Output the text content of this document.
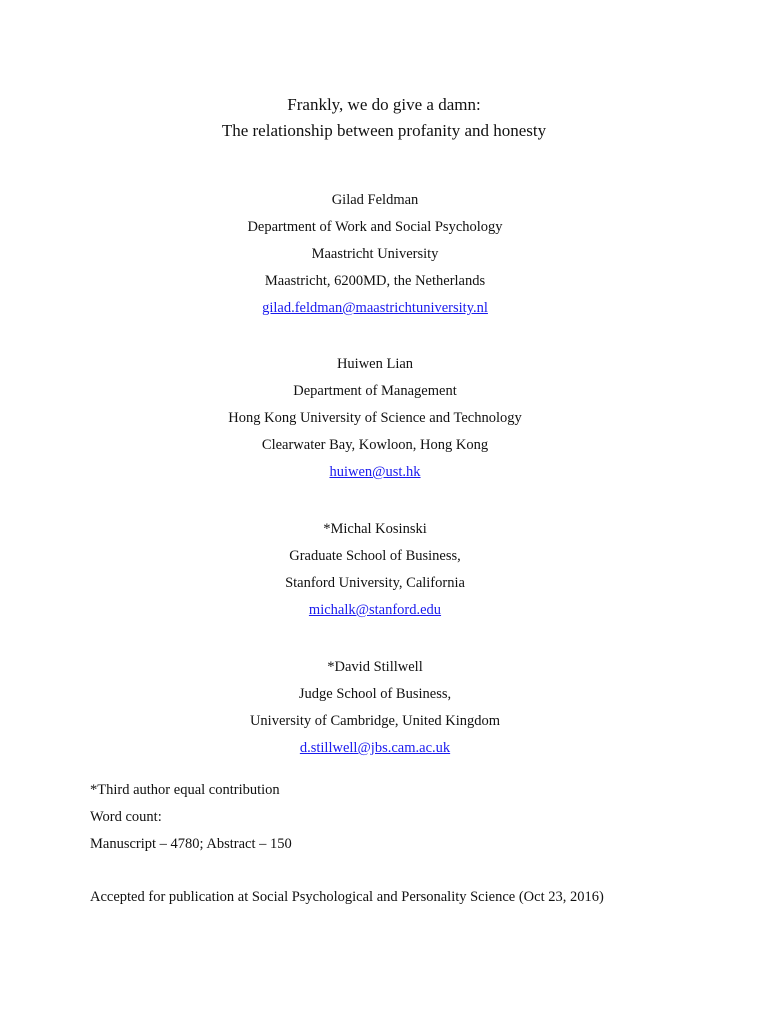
Frankly, we do give a damn:
The relationship between profanity and honesty
Gilad Feldman
Department of Work and Social Psychology
Maastricht University
Maastricht, 6200MD, the Netherlands
gilad.feldman@maastrichtuniversity.nl
Huiwen Lian
Department of Management
Hong Kong University of Science and Technology
Clearwater Bay, Kowloon, Hong Kong
huiwen@ust.hk
*Michal Kosinski
Graduate School of Business,
Stanford University, California
michalk@stanford.edu
*David Stillwell
Judge School of Business,
University of Cambridge, United Kingdom
d.stillwell@jbs.cam.ac.uk
*Third author equal contribution
Word count:
Manuscript – 4780; Abstract – 150
Accepted for publication at Social Psychological and Personality Science (Oct 23, 2016)
